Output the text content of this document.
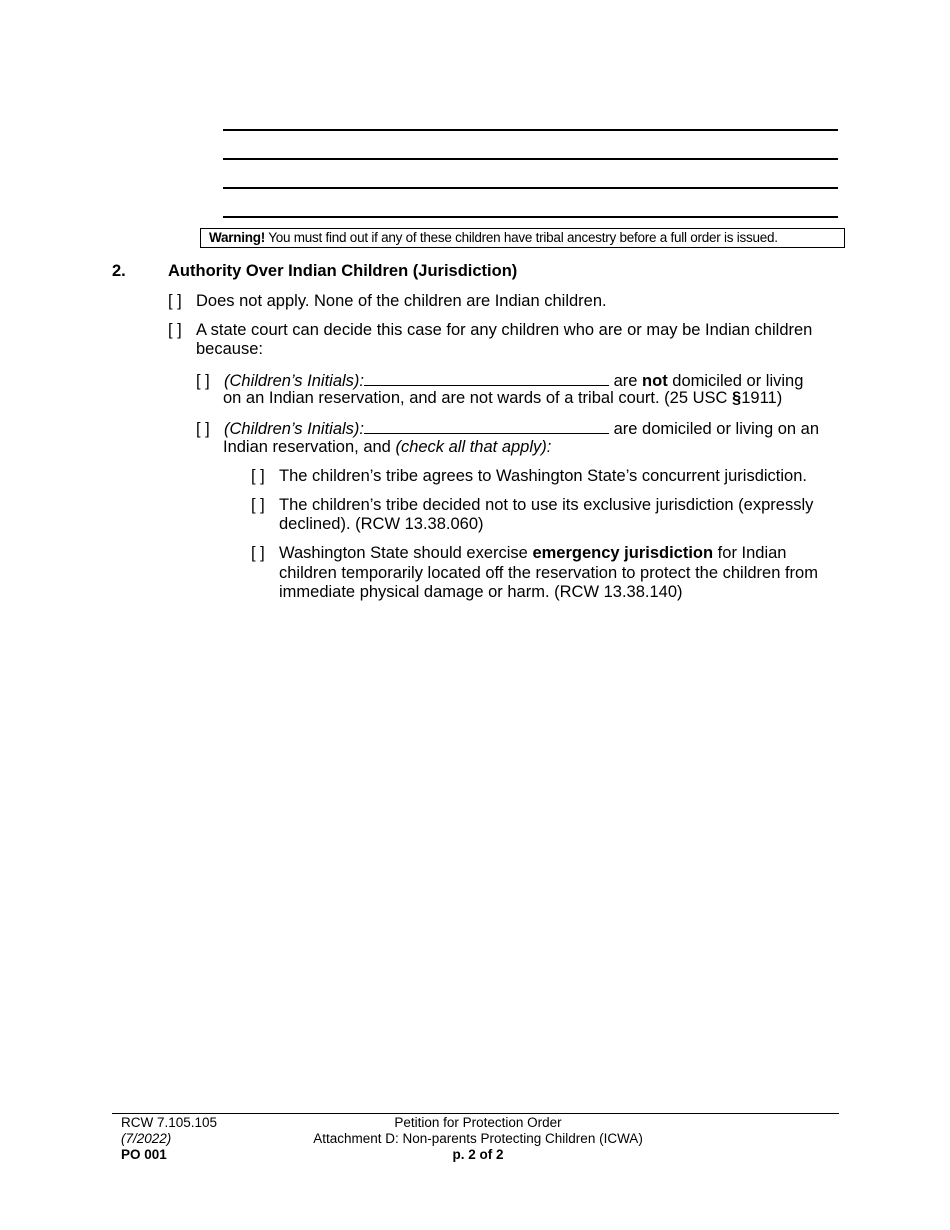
Warning! You must find out if any of these children have tribal ancestry before a full order is issued.
2.	Authority Over Indian Children (Jurisdiction)
[ ] Does not apply. None of the children are Indian children.
[ ] A state court can decide this case for any children who are or may be Indian children
because:
[ ] (Children’s Initials):	are not domiciled or living
on an Indian reservation, and are not wards of a tribal court. (25 USC §1911)
[ ] (Children’s Initials):	are domiciled or living on an
Indian reservation, and (check all that apply):
[ ] The children’s tribe agrees to Washington State’s concurrent jurisdiction.
[ ] The children’s tribe decided not to use its exclusive jurisdiction (expressly
declined). (RCW 13.38.060)
[ ] Washington State should exercise emergency jurisdiction for Indian
children temporarily located off the reservation to protect the children from
immediate physical damage or harm. (RCW 13.38.140)
RCW 7.105.105
(7/2022)
PO 001
Petition for Protection Order
Attachment D: Non-parents Protecting Children (ICWA)
p. 2 of 2
